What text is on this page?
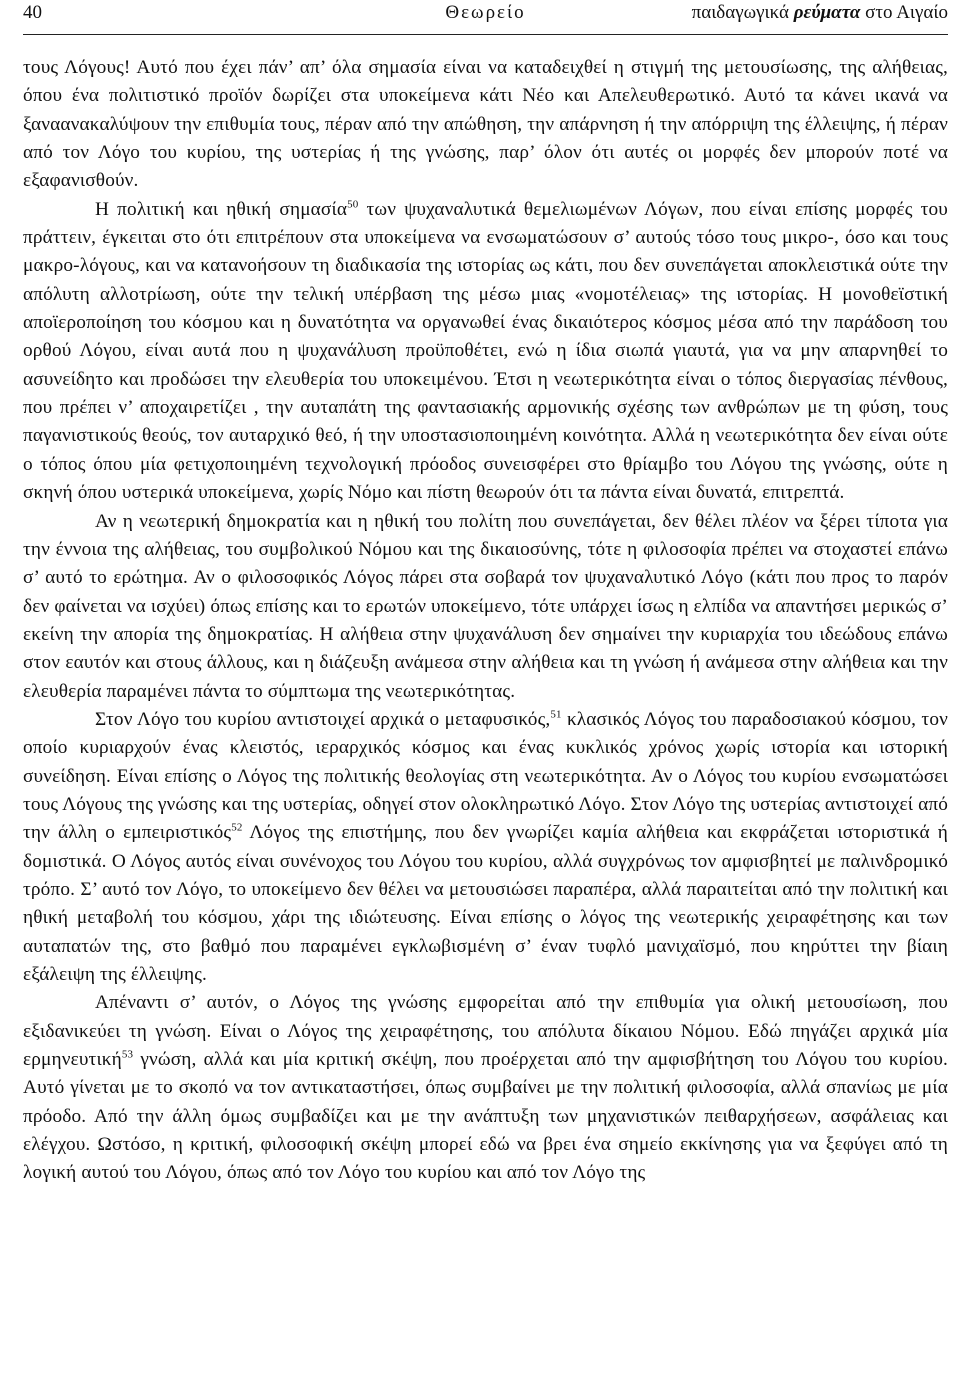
40	Θεωρείο	παιδαγωγικά ρεύματα στο Αιγαίο

τους Λόγους! Αυτό που έχει πάν’ απ’ όλα σημασία είναι να καταδειχθεί η στιγμή της μετουσίωσης, της αλήθειας, όπου ένα πολιτιστικό προϊόν δωρίζει στα υποκείμενα κάτι Νέο και Απελευθερωτικό. Αυτό τα κάνει ικανά να ξαναανακαλύψουν την επιθυμία τους, πέραν από την απώθηση, την απάρνηση ή την απόρριψη της έλλειψης, ή πέραν από τον Λόγο του κυρίου, της υστερίας ή της γνώσης, παρ’ όλον ότι αυτές οι μορφές δεν μπορούν ποτέ να εξαφανισθούν.

Η πολιτική και ηθική σημασία$^{50}$ των ψυχαναλυτικά θεμελιωμένων Λόγων, που είναι επίσης μορφές του πράττειν, έγκειται στο ότι επιτρέπουν στα υποκείμενα να ενσωματώσουν σ’ αυτούς τόσο τους μικρο-, όσο και τους μακρο-λόγους, και να κατανοήσουν τη διαδικασία της ιστορίας ως κάτι, που δεν συνεπάγεται αποκλειστικά ούτε την απόλυτη αλλοτρίωση, ούτε την τελική υπέρβαση της μέσω μιας «νομοτέλειας» της ιστορίας. Η μονοθεϊστική αποϊεροποίηση του κόσμου και η δυνατότητα να οργανωθεί ένας δικαιότερος κόσμος μέσα από την παράδοση του ορθού Λόγου, είναι αυτά που η ψυχανάλυση προϋποθέτει, ενώ η ίδια σιωπά γιαυτά, για να μην απαρνηθεί το ασυνείδητο και προδώσει την ελευθερία του υποκειμένου. Έτσι η νεωτερικότητα είναι ο τόπος διεργασίας πένθους, που πρέπει ν’ αποχαιρετίζει , την αυταπάτη της φαντασιακής αρμονικής σχέσης των ανθρώπων με τη φύση, τους παγανιστικούς θεούς, τον αυταρχικό θεό, ή την υποστασιοποιημένη κοινότητα. Αλλά η νεωτερικότητα δεν είναι ούτε ο τόπος όπου μία φετιχοποιημένη τεχνολογική πρόοδος συνεισφέρει στο θρίαμβο του Λόγου της γνώσης, ούτε η σκηνή όπου υστερικά υποκείμενα, χωρίς Νόμο και πίστη θεωρούν ότι τα πάντα είναι δυνατά, επιτρεπτά.

Αν η νεωτερική δημοκρατία και η ηθική του πολίτη που συνεπάγεται, δεν θέλει πλέον να ξέρει τίποτα για την έννοια της αλήθειας, του συμβολικού Νόμου και της δικαιοσύνης, τότε η φιλοσοφία πρέπει να στοχαστεί επάνω σ’ αυτό το ερώτημα. Αν ο φιλοσοφικός Λόγος πάρει στα σοβαρά τον ψυχαναλυτικό Λόγο (κάτι που προς το παρόν δεν φαίνεται να ισχύει) όπως επίσης και το ερωτών υποκείμενο, τότε υπάρχει ίσως η ελπίδα να απαντήσει μερικώς σ’ εκείνη την απορία της δημοκρατίας. Η αλήθεια στην ψυχανάλυση δεν σημαίνει την κυριαρχία του ιδεώδους επάνω στον εαυτόν και στους άλλους, και η διάζευξη ανάμεσα στην αλήθεια και τη γνώση ή ανάμεσα στην αλήθεια και την ελευθερία παραμένει πάντα το σύμπτωμα της νεωτερικότητας.

Στον Λόγο του κυρίου αντιστοιχεί αρχικά ο μεταφυσικός,$^{51}$ κλασικός Λόγος του παραδοσιακού κόσμου, τον οποίο κυριαρχούν ένας κλειστός, ιεραρχικός κόσμος και ένας κυκλικός χρόνος χωρίς ιστορία και ιστορική συνείδηση. Είναι επίσης ο Λόγος της πολιτικής θεολογίας στη νεωτερικότητα. Αν ο Λόγος του κυρίου ενσωματώσει τους Λόγους της γνώσης και της υστερίας, οδηγεί στον ολοκληρωτικό Λόγο. Στον Λόγο της υστερίας αντιστοιχεί από την άλλη ο εμπειριστικός$^{52}$ Λόγος της επιστήμης, που δεν γνωρίζει καμία αλήθεια και εκφράζεται ιστοριστικά ή δομιστικά. Ο Λόγος αυτός είναι συνένοχος του Λόγου του κυρίου, αλλά συγχρόνως τον αμφισβητεί με παλινδρομικό τρόπο. Σ’ αυτό τον Λόγο, το υποκείμενο δεν θέλει να μετουσιώσει παραπέρα, αλλά παραιτείται από την πολιτική και ηθική μεταβολή του κόσμου, χάρι της ιδιώτευσης. Είναι επίσης ο λόγος της νεωτερικής χειραφέτησης και των αυταπατών της, στο βαθμό που παραμένει εγκλωβισμένη σ’ έναν τυφλό μανιχαϊσμό, που κηρύττει την βίαιη εξάλειψη της έλλειψης.

Απέναντι σ’ αυτόν, ο Λόγος της γνώσης εμφορείται από την επιθυμία για ολική μετουσίωση, που εξιδανικεύει τη γνώση. Είναι ο Λόγος της χειραφέτησης, του απόλυτα δίκαιου Νόμου. Εδώ πηγάζει αρχικά μία ερμηνευτική$^{53}$ γνώση, αλλά και μία κριτική σκέψη, που προέρχεται από την αμφισβήτηση του Λόγου του κυρίου. Αυτό γίνεται με το σκοπό να τον αντικαταστήσει, όπως συμβαίνει με την πολιτική φιλοσοφία, αλλά σπανίως με μία πρόοδο. Από την άλλη όμως συμβαδίζει και με την ανάπτυξη των μηχανιστικών πειθαρχήσεων, ασφάλειας και ελέγχου. Ωστόσο, η κριτική, φιλοσοφική σκέψη μπορεί εδώ να βρει ένα σημείο εκκίνησης για να ξεφύγει από τη λογική αυτού του Λόγου, όπως από τον Λόγο του κυρίου και από τον Λόγο της
